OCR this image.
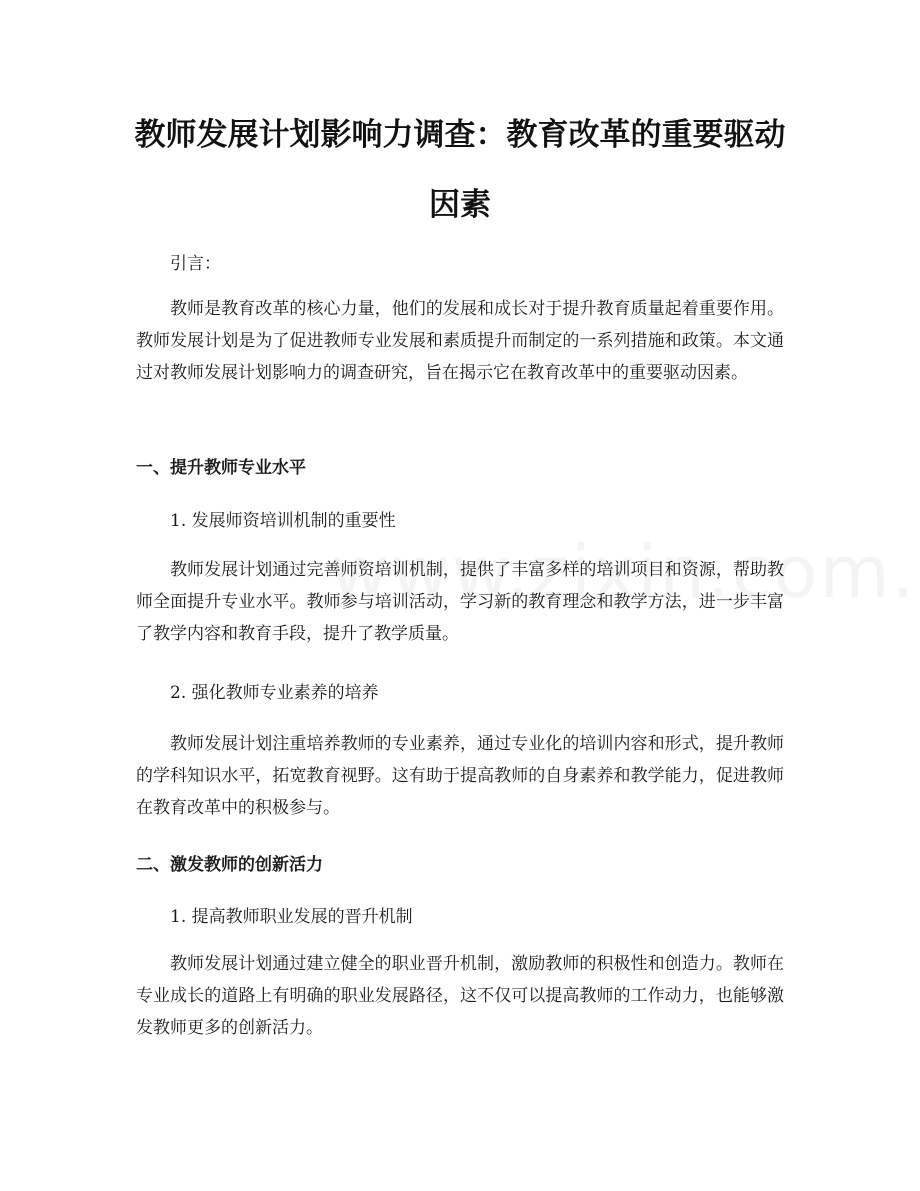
教师发展计划影响力调查：教育改革的重要驱动因素

引言：

教师是教育改革的核心力量，他们的发展和成长对于提升教育质量起着重要作用。教师发展计划是为了促进教师专业发展和素质提升而制定的一系列措施和政策。本文通过对教师发展计划影响力的调查研究，旨在揭示它在教育改革中的重要驱动因素。

一、提升教师专业水平

1. 发展师资培训机制的重要性

教师发展计划通过完善师资培训机制，提供了丰富多样的培训项目和资源，帮助教师全面提升专业水平。教师参与培训活动，学习新的教育理念和教学方法，进一步丰富了教学内容和教育手段，提升了教学质量。

2. 强化教师专业素养的培养

教师发展计划注重培养教师的专业素养，通过专业化的培训内容和形式，提升教师的学科知识水平，拓宽教育视野。这有助于提高教师的自身素养和教学能力，促进教师在教育改革中的积极参与。

二、激发教师的创新活力

1. 提高教师职业发展的晋升机制

教师发展计划通过建立健全的职业晋升机制，激励教师的积极性和创造力。教师在专业成长的道路上有明确的职业发展路径，这不仅可以提高教师的工作动力，也能够激发教师更多的创新活力。
